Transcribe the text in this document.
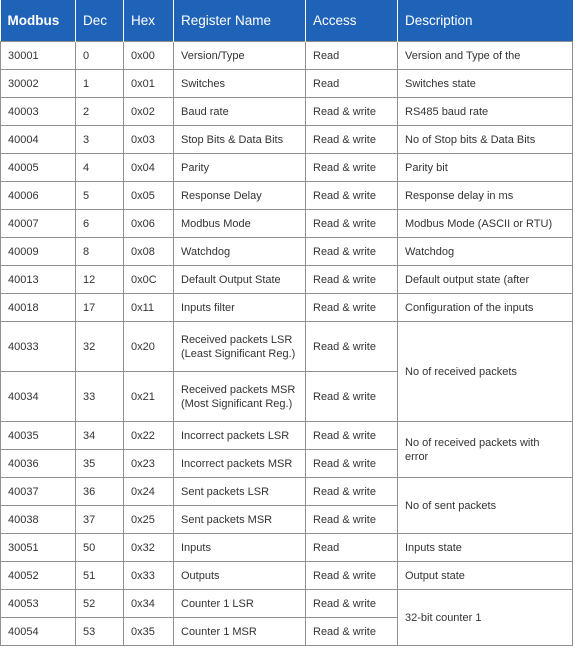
Modbus	Dec	Hex	Register Name	Access	Description
30001	0	0x00	Version/Type	Read	Version and Type of the
30002	1	0x01	Switches	Read	Switches state
40003	2	0x02	Baud rate	Read & write	RS485 baud rate
40004	3	0x03	Stop Bits & Data Bits	Read & write	No of Stop bits & Data Bits
40005	4	0x04	Parity	Read & write	Parity bit
40006	5	0x05	Response Delay	Read & write	Response delay in ms
40007	6	0x06	Modbus Mode	Read & write	Modbus Mode (ASCII or RTU)
40009	8	0x08	Watchdog	Read & write	Watchdog
40013	12	0x0C	Default Output State	Read & write	Default output state (after
40018	17	0x11	Inputs filter	Read & write	Configuration of the inputs
40033	32	0x20	Received packets LSR
(Least Significant Reg.)	Read & write	No of received packets
40034	33	0x21	Received packets MSR
(Most Significant Reg.)	Read & write	
40035	34	0x22	Incorrect packets LSR	Read & write	No of received packets with error
40036	35	0x23	Incorrect packets MSR	Read & write	
40037	36	0x24	Sent packets LSR	Read & write	No of sent packets
40038	37	0x25	Sent packets MSR	Read & write	
30051	50	0x32	Inputs	Read	Inputs state
40052	51	0x33	Outputs	Read & write	Output state
40053	52	0x34	Counter 1 LSR	Read & write	32-bit counter 1
40054	53	0x35	Counter 1 MSR	Read & write	
